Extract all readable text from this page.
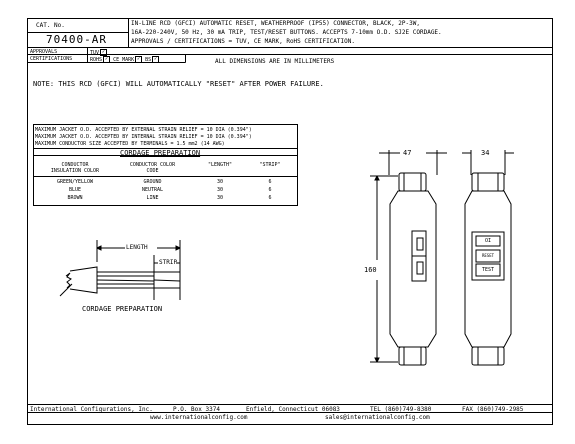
CAT. No.
70400-AR
IN-LINE RCD (GFCI) AUTOMATIC RESET, WEATHERPROOF (IP55) CONNECTOR, BLACK, 2P-3W,
16A-220-240V, 50 Hz, 30 mA TRIP, TEST/RESET BUTTONS. ACCEPTS 7-10mm O.D. SJ2E CORDAGE.
APPROVALS / CERTIFICATIONS = TUV, CE MARK, RoHS CERTIFICATION.
APPROVALS	TUV ✓
CERTIFICATIONS	ROHS ✓ CE MARK ✓ BS ✓	ALL DIMENSIONS ARE IN MILLIMETERS
NOTE: THIS RCD (GFCI) WILL AUTOMATICALLY "RESET" AFTER POWER FAILURE.
MAXIMUM JACKET O.D. ACCEPTED BY EXTERNAL STRAIN RELIEF = 10 DIA (0.394")
MAXIMUM JACKET O.D. ACCEPTED BY INTERNAL STRAIN RELIEF = 10 DIA (0.394")
MAXIMUM CONDUCTOR SIZE ACCEPTED BY TERMINALS = 1.5 mm2 (14 AWG)
CORDAGE PREPARATION
CONDUCTOR INSULATION COLOR
CONDUCTOR COLOR CODE
"LENGTH"	"STRIP"
GREEN/YELLOW	GROUND	30	6
BLUE	NEUTRAL	30	6
BROWN	LINE	30	6
LENGTH
STRIP
CORDAGE PREPARATION
47	34
160
OI
RESET
TEST
International Configurations, Inc.	P.O. Box 3374	Enfield, Connecticut 06083	TEL (860)749-8380	FAX (860)749-2985
www.internationalconfig.com	sales@internationalconfig.com
